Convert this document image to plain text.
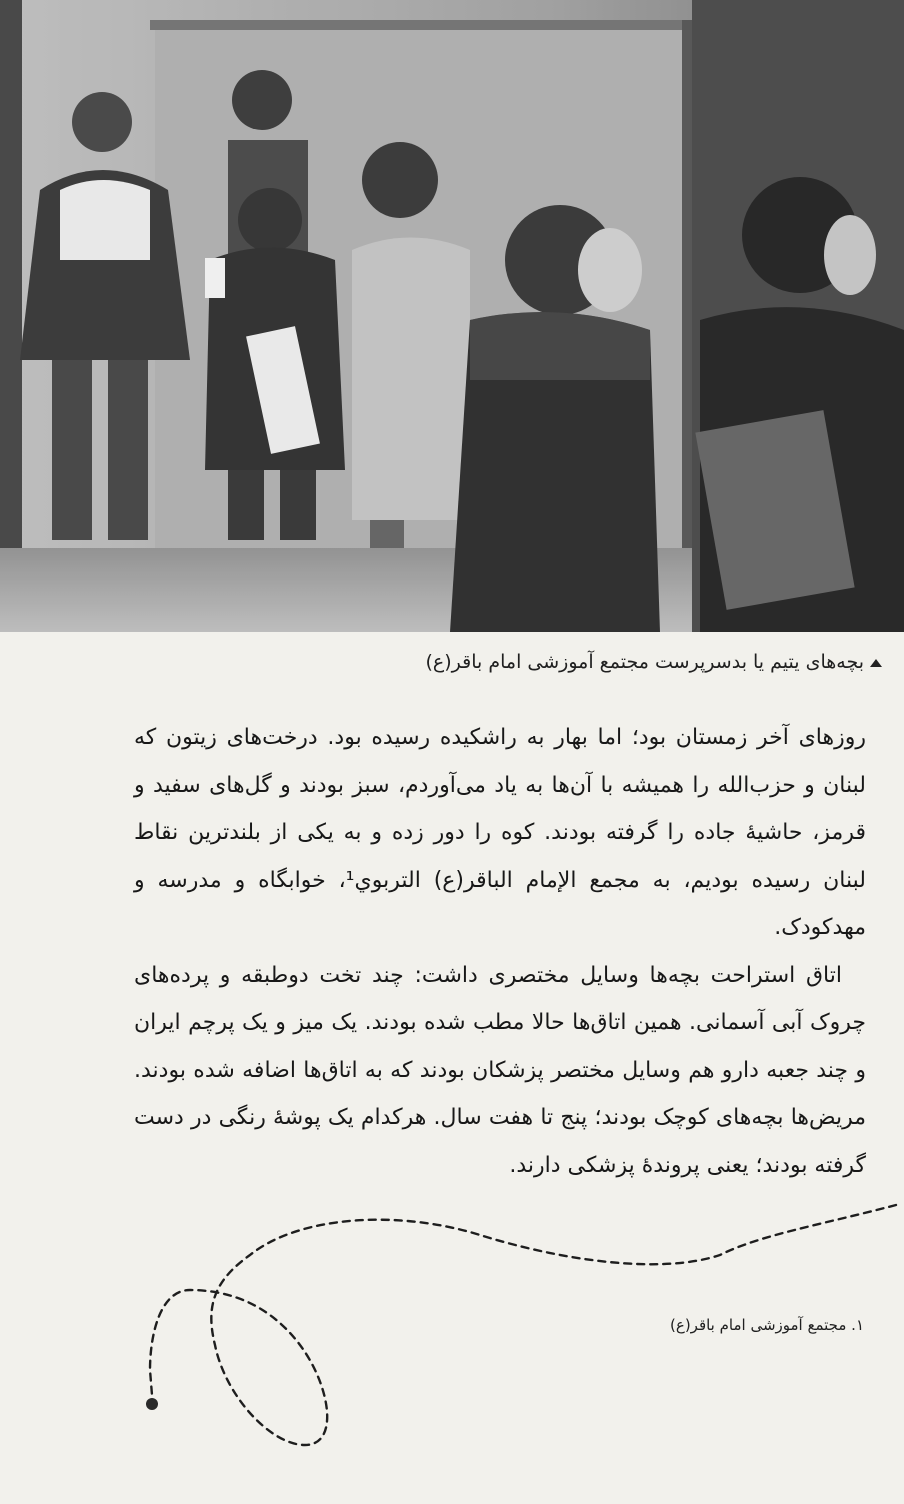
بچه‌های یتیم یا بدسرپرست مجتمع آموزشی امام باقر(ع)

روزهای آخر زمستان بود؛ اما بهار به راشکیده رسیده بود. درخت‌های زیتون که لبنان و حزب‌الله را همیشه با آن‌ها به یاد می‌آوردم، سبز بودند و گل‌های سفید و قرمز، حاشیهٔ جاده را گرفته بودند. کوه را دور زده و به یکی از بلندترین نقاط لبنان رسیده بودیم، به مجمع الإمام الباقر(ع) التربوي¹، خوابگاه و مدرسه و مهدکودک.

اتاق استراحت بچه‌ها وسایل مختصری داشت: چند تخت دوطبقه و پرده‌های چروک آبی آسمانی. همین اتاق‌ها حالا مطب شده بودند. یک میز و یک پرچم ایران و چند جعبه دارو هم وسایل مختصر پزشکان بودند که به اتاق‌ها اضافه شده بودند. مریض‌ها بچه‌های کوچک بودند؛ پنج تا هفت سال. هرکدام یک پوشهٔ رنگی در دست گرفته بودند؛ یعنی پروندهٔ پزشکی دارند.

۱. مجتمع آموزشی امام باقر(ع)
